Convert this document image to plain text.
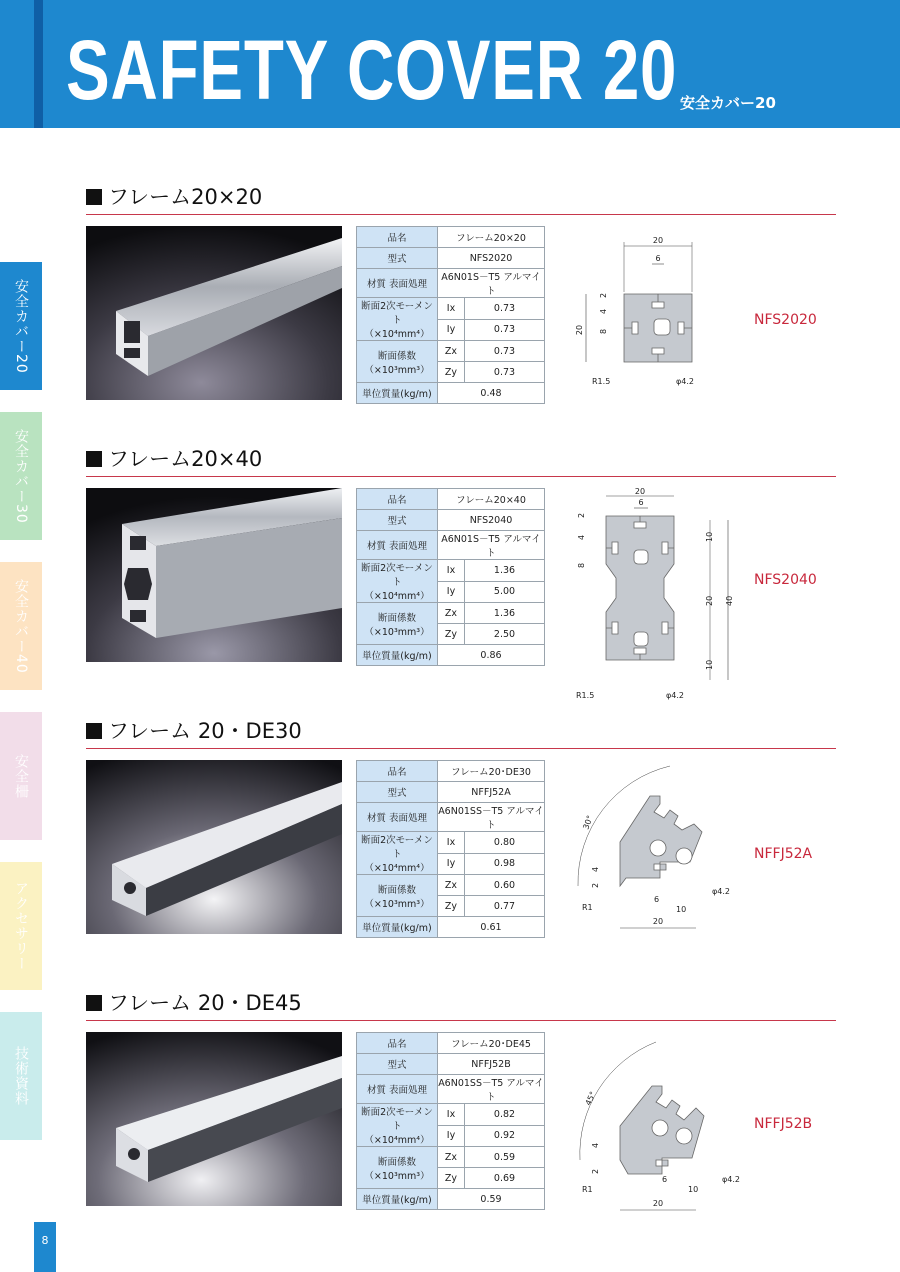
SAFETY COVER 20 安全カバー20
安全カバー20
安全カバー30
安全カバー40
安全柵
アクセサリー
技術資料
フレーム20×20
品名	フレーム20×20	
型式	NFS2020	
材質 表面処理	A6N01S－T5 アルマイト	
断面2次モーメント
（×10⁴mm⁴）	Ix	0.73
	Iy	0.73
断面係数
（×10³mm³）	Zx	0.73
	Zy	0.73
単位質量(kg/m)	0.48	
20
6
20
2
4
8
R1.5	φ4.2
NFS2020
フレーム20×40
品名	フレーム20×40	
型式	NFS2040	
材質 表面処理	A6N01S－T5 アルマイト	
断面2次モーメント
（×10⁴mm⁴）	Ix	1.36
	Iy	5.00
断面係数
（×10³mm³）	Zx	1.36
	Zy	2.50
単位質量(kg/m)	0.86	
20
6
2
4
8
10
20
10
40
R1.5	φ4.2
NFS2040
フレーム 20・DE30
品名	フレーム20･DE30	
型式	NFFJ52A	
材質 表面処理	A6N01SS－T5 アルマイト	
断面2次モーメント
（×10⁴mm⁴）	Ix	0.80
	Iy	0.98
断面係数
（×10³mm³）	Zx	0.60
	Zy	0.77
単位質量(kg/m)	0.61	
30°
4
2
6
10
20
R1
φ4.2
NFFJ52A
フレーム 20・DE45
品名	フレーム20･DE45	
型式	NFFJ52B	
材質 表面処理	A6N01SS－T5 アルマイト	
断面2次モーメント
（×10⁴mm⁴）	Ix	0.82
	Iy	0.92
断面係数
（×10³mm³）	Zx	0.59
	Zy	0.69
単位質量(kg/m)	0.59	
45°
4
2
6
10
20
R1
φ4.2
NFFJ52B
8
